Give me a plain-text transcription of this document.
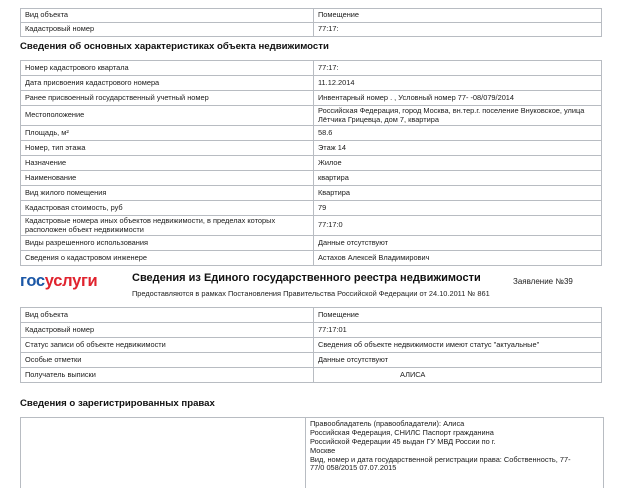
Вид объекта	Помещение
Кадастровый номер	77:17:
Сведения об основных характеристиках объекта недвижимости
Номер кадастрового квартала	77:17:
Дата присвоения кадастрового номера	11.12.2014
Ранее присвоенный государственный учетный номер	Инвентарный номер . , Условный номер 77- -08/079/2014
Местоположение	Российская Федерация, город Москва, вн.тер.г. поселение Внуковское, улица Лётчика Грицевца, дом 7, квартира
Площадь, м²	58.6
Номер, тип этажа	Этаж 14
Назначение	Жилое
Наименование	квартира
Вид жилого помещения	Квартира
Кадастровая стоимость, руб	79
Кадастровые номера иных объектов недвижимости, в пределах которых расположен объект недвижимости	77:17:0
Виды разрешенного использования	Данные отсутствуют
Сведения о кадастровом инженере	Астахов Алексей Владимирович
госуслуги	Сведения из Единого государственного реестра недвижимости
Предоставляются в рамках Постановления Правительства Российской Федерации от 24.10.2011 № 861
Заявление №39
Вид объекта	Помещение
Кадастровый номер	77:17:01
Статус записи об объекте недвижимости	Сведения об объекте недвижимости имеют статус "актуальные"
Особые отметки	Данные отсутствуют
Получатель выписки	АЛИСА
Сведения о зарегистрированных правах
Правообладатель (правообладатели): Алиса
Российская Федерация, СНИЛС Паспорт гражданина
Российской Федерации 45 выдан ГУ МВД России по г.
Москве
Вид, номер и дата государственной регистрации права: Собственность, 77-
77/0 058/2015 07.07.2015
